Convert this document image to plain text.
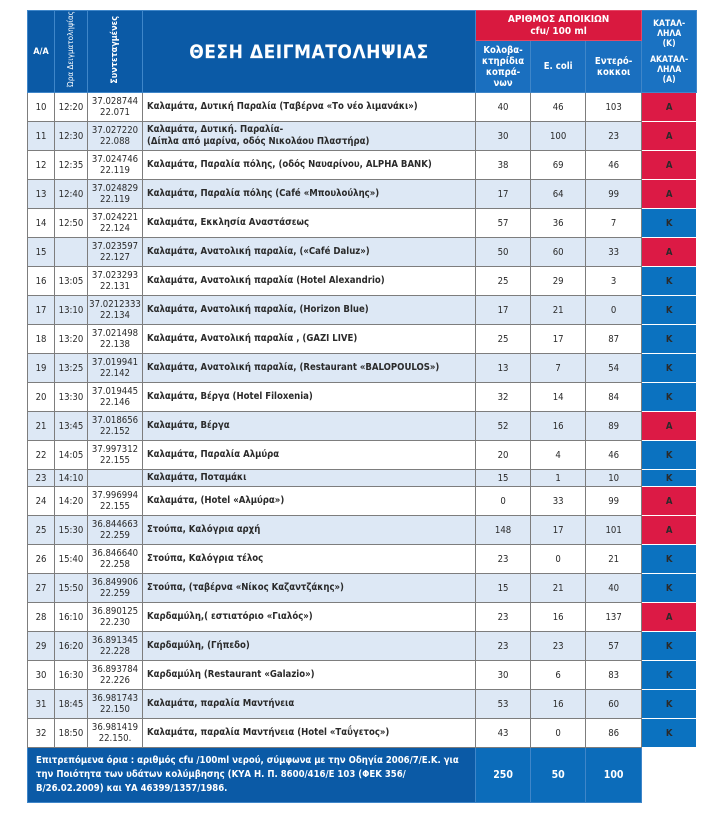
Α/Α	Ώρα Δειγματοληψίας	Συντεταγμένες	ΘΕΣΗ ΔΕΙΓΜΑΤΟΛΗΨΙΑΣ	
ΑΡΙΘΜΟΣ ΑΠΟΙΚΙΩΝ
cfu/ 100 ml

ΚΑΤΑΛ-
ΛΗΛΑ
(Κ)
ΑΚΑΤΑΛ-
ΛΗΛΑ
(Α)

				Κολοβα- κτηρίδια κοπρά- νων	E. coli	Εντερό- κοκκοι	
10	12:20	37.028744
22.071	Καλαμάτα, Δυτική Παραλία (Ταβέρνα «Το νέο λιμανάκι»)	40	46	103	Α
11	12:30	37.027220
22.088

Καλαμάτα, Δυτική. Παραλία-
(Δίπλα από μαρίνα, οδός Νικολάου Πλαστήρα)	30	100	23	Α
12	12:35	37.024746
22.119	Καλαμάτα, Παραλία πόλης, (οδός Ναυαρίνου, ALPHA BANK)	38	69	46	Α
13	12:40	37.024829
22.119	Καλαμάτα, Παραλία πόλης (Café «Μπουλούλης»)	17	64	99	Α
14	12:50	37.024221
22.124	Καλαμάτα, Εκκλησία Αναστάσεως	57	36	7	Κ
15		37.023597
22.127	Καλαμάτα, Ανατολική παραλία, («Café Daluz»)	50	60	33	Α
16	13:05	37.023293
22.131	Καλαμάτα, Ανατολική παραλία (Hotel Alexandrio)	25	29	3	Κ
17	13:10	37.0212333
22.134	Καλαμάτα, Ανατολική παραλία, (Horizon Blue)	17	21	0	Κ
18	13:20	37.021498
22.138	Καλαμάτα, Ανατολική παραλία , (GAZI LIVE)	25	17	87	Κ
19	13:25	37.019941
22.142	Καλαμάτα, Ανατολική παραλία, (Restaurant «BALOPOULOS»)	13	7	54	Κ
20	13:30	37.019445
22.146	Καλαμάτα, Βέργα (Hotel Filoxenia)	32	14	84	Κ
21	13:45	37.018656
22.152	Καλαμάτα, Βέργα	52	16	89	Α
22	14:05	37.997312
22.155	Καλαμάτα, Παραλία Αλμύρα	20	4	46	Κ
23	14:10		Καλαμάτα, Ποταμάκι	15	1	10	Κ
24	14:20	37.996994
22.155	Καλαμάτα, (Hotel «Αλμύρα»)	0	33	99	Α
25	15:30	36.844663
22.259	Στούπα, Καλόγρια αρχή	148	17	101	Α
26	15:40	36.846640
22.258	Στούπα, Καλόγρια τέλος	23	0	21	Κ
27	15:50	36.849906
22.259	Στούπα, (ταβέρνα «Νίκος Καζαντζάκης»)	15	21	40	Κ
28	16:10	36.890125
22.230	Καρδαμύλη,( εστιατόριο «Γιαλός»)	23	16	137	Α
29	16:20	36.891345
22.228	Καρδαμύλη, (Γήπεδο)	23	23	57	Κ
30	16:30	36.893784
22.226	Καρδαμύλη (Restaurant «Galazio»)	30	6	83	Κ
31	18:45	36.981743
22.150	Καλαμάτα, παραλία Μαντήνεια	53	16	60	Κ
32	18:50	36.981419
22.150.	Καλαμάτα, παραλία Μαντήνεια (Hotel «Ταΰγετος»)	43	0	86	Κ
Επιτρεπόμενα όρια : αριθμός cfu /100ml νερού, σύμφωνα με την Οδηγία 2006/7/Ε.Κ. για την Ποιότητα των υδάτων κολύμβησης (ΚΥΑ Η. Π. 8600/416/Ε 103 (ΦΕΚ 356/Β/26.02.2009) και ΥΑ 46399/1357/1986.				250	50	100	
